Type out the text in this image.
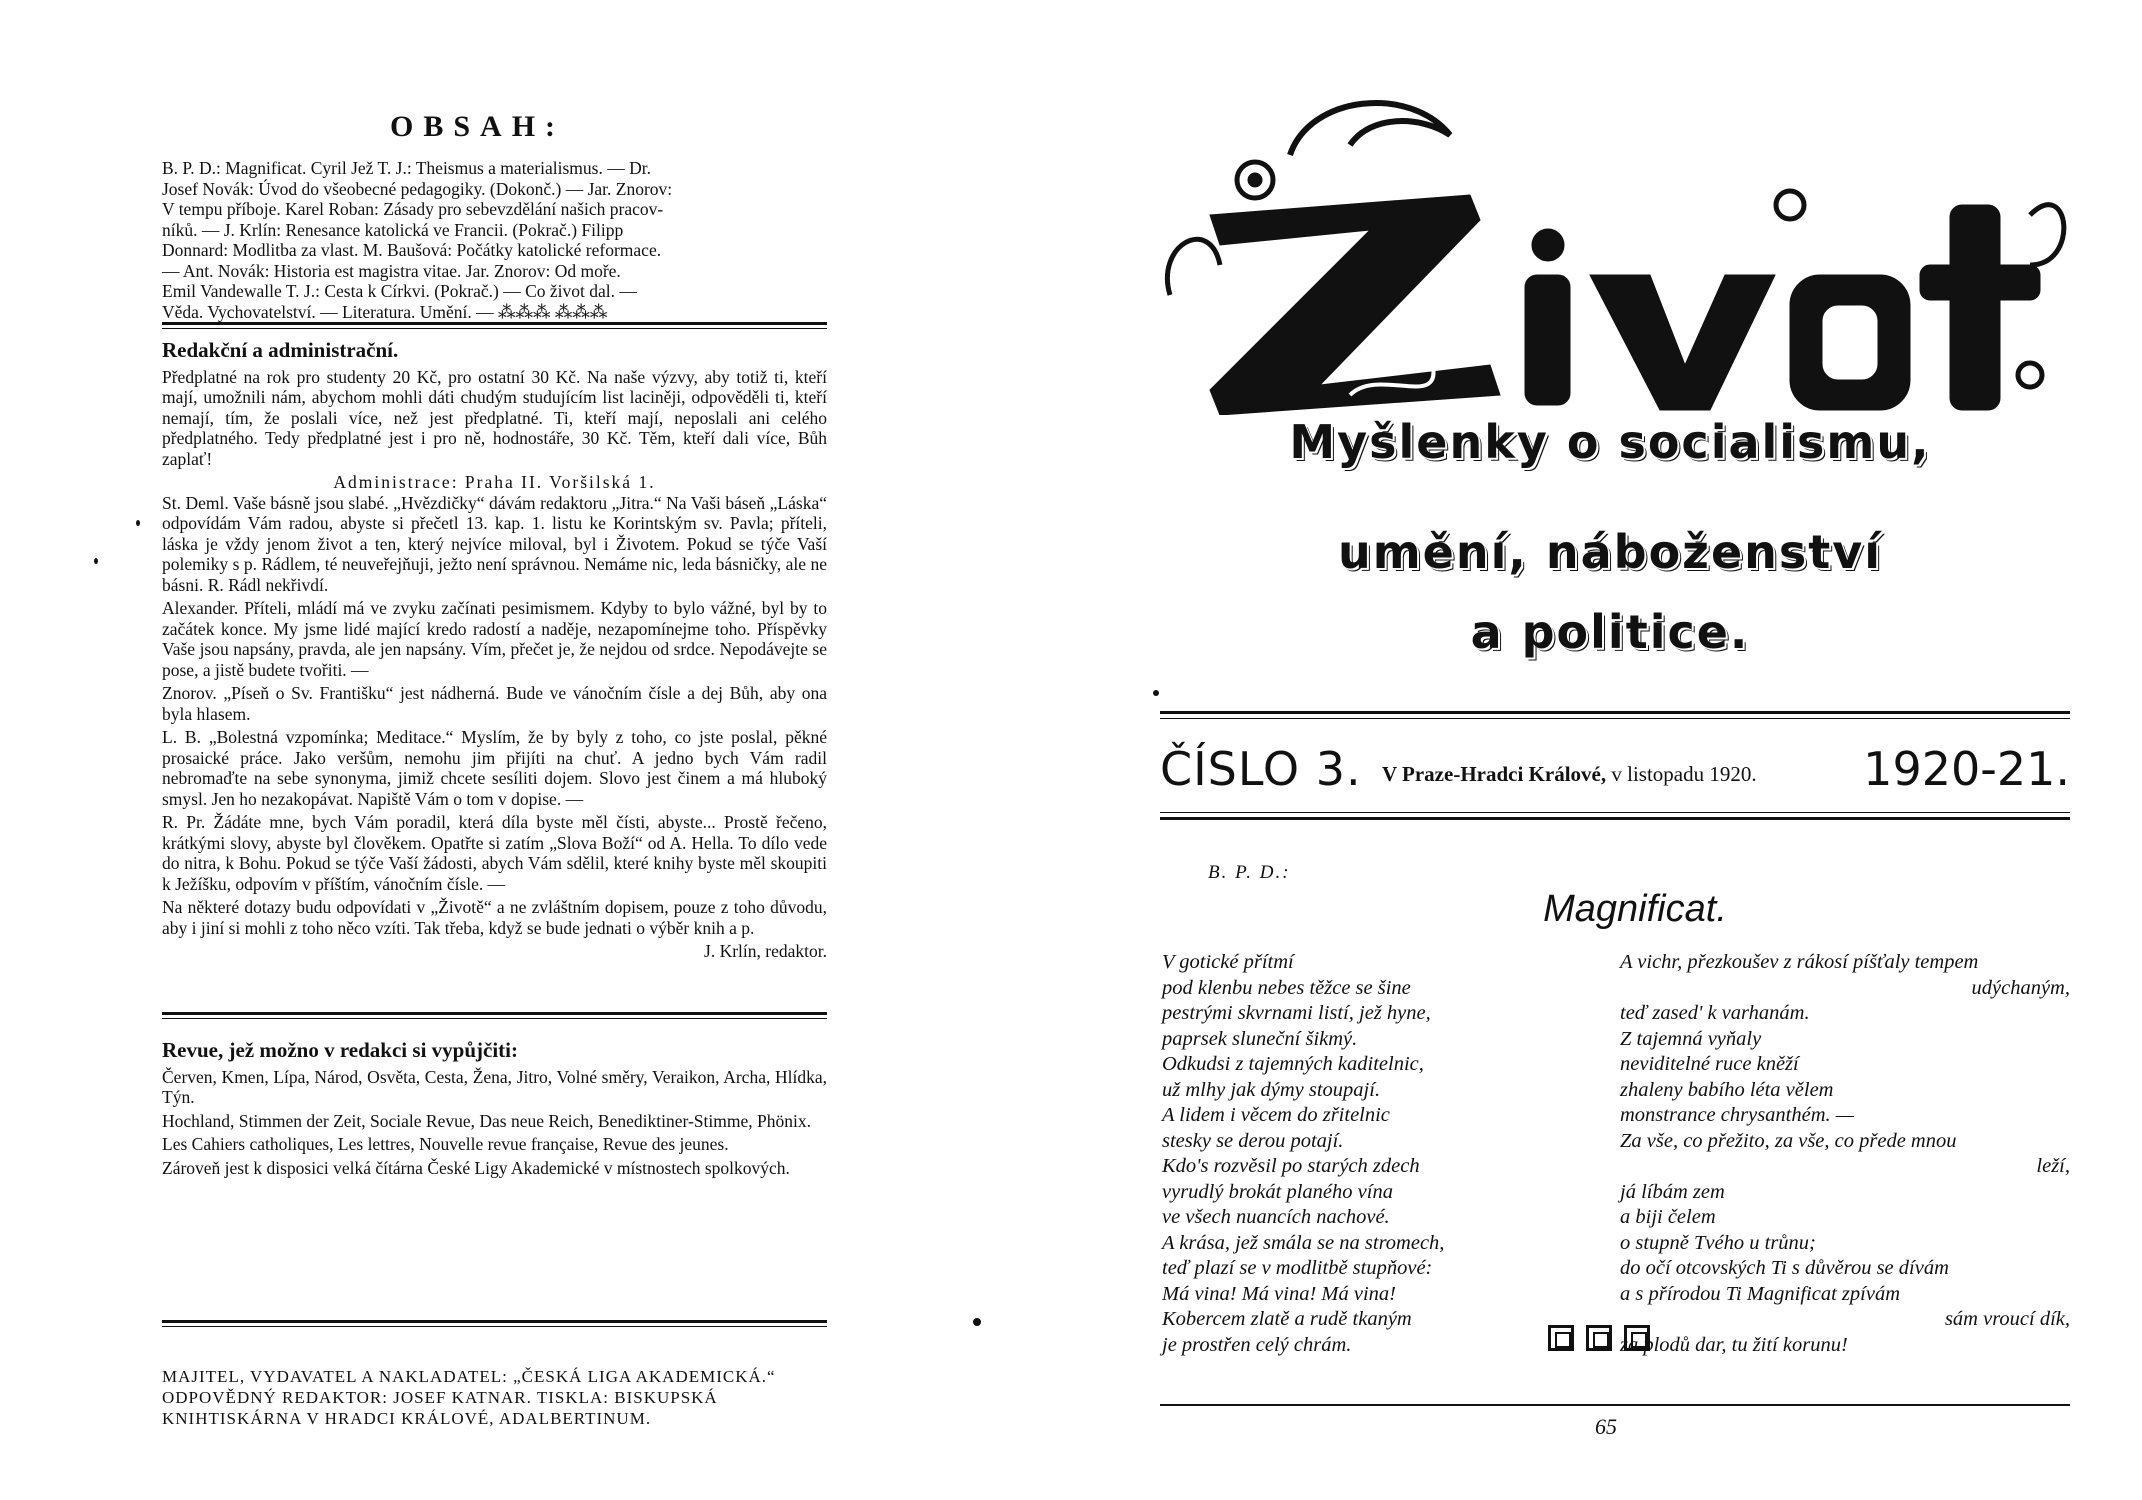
OBSAH:

B. P. D.: Magnificat. Cyril Jež T. J.: Theismus a materialismus. — Dr.

Josef Novák: Úvod do všeobecné pedagogiky. (Dokonč.) — Jar. Znorov:

V tempu příboje. Karel Roban: Zásady pro sebevzdělání našich pracov-

níků. — J. Krlín: Renesance katolická ve Francii. (Pokrač.) Filipp

Donnard: Modlitba za vlast. M. Baušová: Počátky katolické reformace.

— Ant. Novák: Historia est magistra vitae. Jar. Znorov: Od moře.

Emil Vandewalle T. J.: Cesta k Církvi. (Pokrač.) — Co život dal. —

Věda. Vychovatelství. — Literatura. Umění. — ⁂⁂⁂ ⁂⁂⁂

Redakční a administrační.

Předplatné na rok pro studenty 20 Kč, pro ostatní 30 Kč. Na naše výzvy, aby totiž ti, kteří mají, umožnili nám, abychom mohli dáti chudým studujícím list laciněji, odpověděli ti, kteří nemají, tím, že poslali více, než jest předplatné. Ti, kteří mají, neposlali ani celého předplatného. Tedy předplatné jest i pro ně, hodnostáře, 30 Kč. Těm, kteří dali více, Bůh zaplať!

Administrace: Praha II. Voršilská 1.

St. Deml. Vaše básně jsou slabé. „Hvězdičky“ dávám redaktoru „Jitra.“ Na Vaši báseň „Láska“ odpovídám Vám radou, abyste si přečetl 13. kap. 1. listu ke Korintským sv. Pavla; příteli, láska je vždy jenom život a ten, který nejvíce miloval, byl i Životem. Pokud se týče Vaší polemiky s p. Rádlem, té neuveřejňuji, ježto není správnou. Nemáme nic, leda básničky, ale ne básni. R. Rádl nekřivdí.

Alexander. Příteli, mládí má ve zvyku začínati pesimismem. Kdyby to bylo vážné, byl by to začátek konce. My jsme lidé mající kredo radostí a naděje, nezapomínejme toho. Příspěvky Vaše jsou napsány, pravda, ale jen napsány. Vím, přečet je, že nejdou od srdce. Nepodávejte se pose, a jistě budete tvořiti. —

Znorov. „Píseň o Sv. Františku“ jest nádherná. Bude ve vánočním čísle a dej Bůh, aby ona byla hlasem.

L. B. „Bolestná vzpomínka; Meditace.“ Myslím, že by byly z toho, co jste poslal, pěkné prosaické práce. Jako veršům, nemohu jim přijíti na chuť. A jedno bych Vám radil nebromaďte na sebe synonyma, jimiž chcete sesíliti dojem. Slovo jest činem a má hluboký smysl. Jen ho nezakopávat. Napiště Vám o tom v dopise. —

R. Pr. Žádáte mne, bych Vám poradil, která díla byste měl čísti, abyste... Prostě řečeno, krátkými slovy, abyste byl člověkem. Opatřte si zatím „Slova Boží“ od A. Hella. To dílo vede do nitra, k Bohu. Pokud se týče Vaší žádosti, abych Vám sdělil, které knihy byste měl skoupiti k Ježíšku, odpovím v příštím, vánočním čísle. —

Na některé dotazy budu odpovídati v „Životě“ a ne zvláštním dopisem, pouze z toho důvodu, aby i jiní si mohli z toho něco vzíti. Tak třeba, když se bude jednati o výběr knih a p.

J. Krlín, redaktor.
Revue, jež možno v redakci si vypůjčiti:

Červen, Kmen, Lípa, Národ, Osvěta, Cesta, Žena, Jitro, Volné směry, Veraikon, Archa, Hlídka, Týn.

Hochland, Stimmen der Zeit, Sociale Revue, Das neue Reich, Benediktiner-Stimme, Phönix.

Les Cahiers catholiques, Les lettres, Nouvelle revue française, Revue des jeunes.

Zároveň jest k disposici velká čítárna České Ligy Akademické v místnostech spolkových.

MAJITEL, VYDAVATEL A NAKLADATEL: „ČESKÁ LIGA AKADEMICKÁ.“
ODPOVĚDNÝ REDAKTOR: JOSEF KATNAR. TISKLA: BISKUPSKÁ
KNIHTISKÁRNA V HRADCI KRÁLOVÉ, ADALBERTINUM.
Myšlenky o socialismu,
umění, náboženství
a politice.
ČÍSLO 3. V Praze-Hradci Králové, v listopadu 1920. 1920-21.
B. P. D.:
Magnificat.

V gotické přítmí

pod klenbu nebes těžce se šine

pestrými skvrnami listí, jež hyne,

paprsek sluneční šikmý.

Odkudsi z tajemných kaditelnic,

už mlhy jak dýmy stoupají.

A lidem i věcem do zřitelnic

stesky se derou potají.

Kdo's rozvěsil po starých zdech

vyrudlý brokát planého vína

ve všech nuancích nachové.

A krása, jež smála se na stromech,

teď plazí se v modlitbě stupňové:

Má vina! Má vina! Má vina!

Kobercem zlatě a rudě tkaným

je prostřen celý chrám.

A vichr, přezkoušev z rákosí píšťaly tempem

udýchaným,

teď zased' k varhanám.

Z tajemná vyňaly

neviditelné ruce kněží

zhaleny babího léta vělem

monstrance chrysanthém. —

Za vše, co přežito, za vše, co přede mnou

leží,

já líbám zem

a biji čelem

o stupně Tvého u trůnu;

do očí otcovských Ti s důvěrou se dívám

a s přírodou Ti Magnificat zpívám

sám vroucí dík,

za plodů dar, tu žití korunu!

65
